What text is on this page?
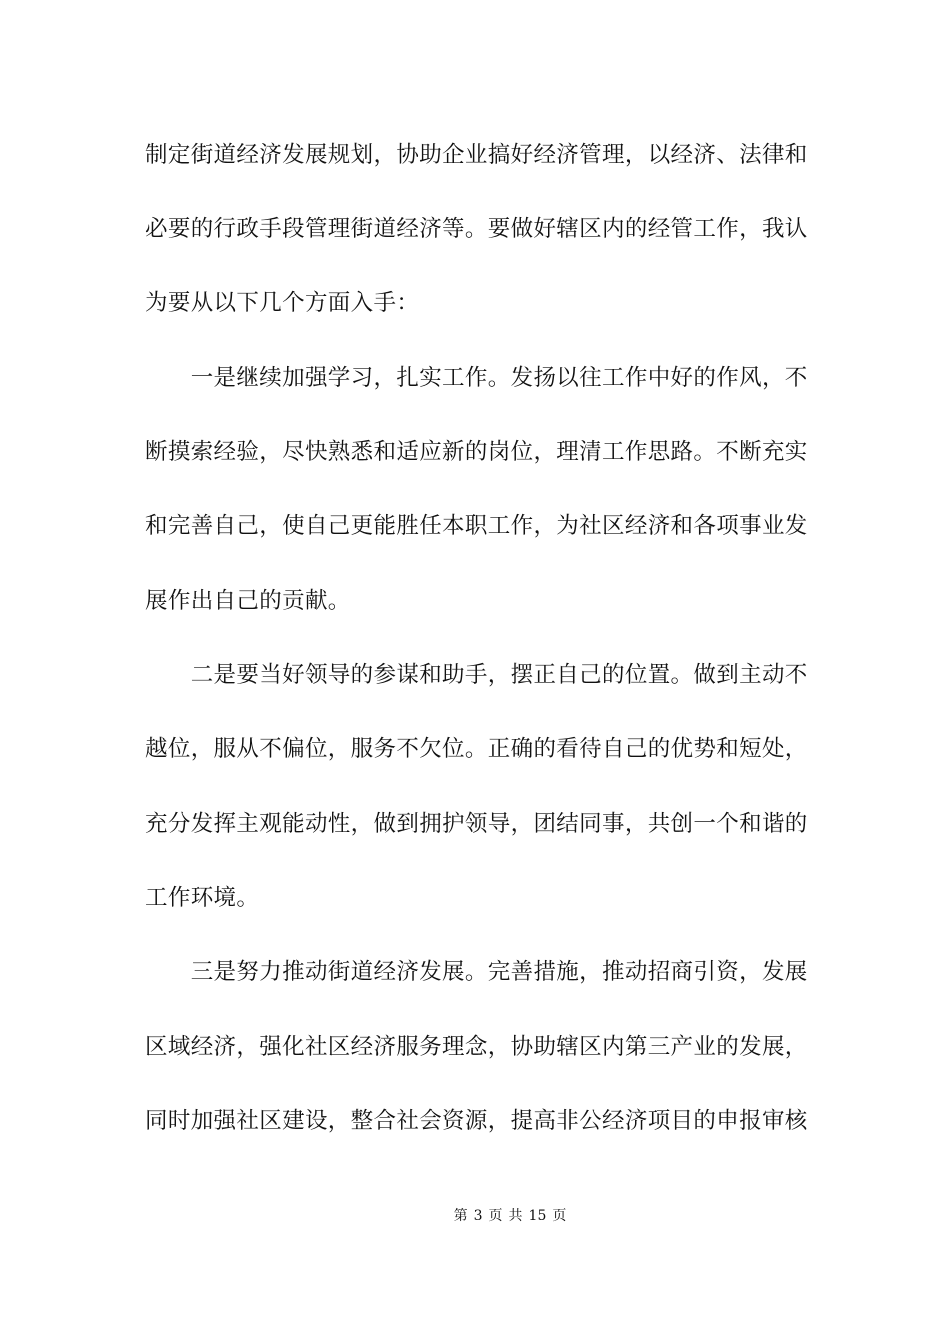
制定街道经济发展规划，协助企业搞好经济管理，以经济、法律和
必要的行政手段管理街道经济等。要做好辖区内的经管工作，我认
为要从以下几个方面入手：
　　一是继续加强学习，扎实工作。发扬以往工作中好的作风，不
断摸索经验，尽快熟悉和适应新的岗位，理清工作思路。不断充实
和完善自己，使自己更能胜任本职工作，为社区经济和各项事业发
展作出自己的贡献。
　　二是要当好领导的参谋和助手，摆正自己的位置。做到主动不
越位，服从不偏位，服务不欠位。正确的看待自己的优势和短处，
充分发挥主观能动性，做到拥护领导，团结同事，共创一个和谐的
工作环境。
　　三是努力推动街道经济发展。完善措施，推动招商引资，发展
区域经济，强化社区经济服务理念，协助辖区内第三产业的发展，
同时加强社区建设，整合社会资源，提高非公经济项目的申报审核
第 3 页 共 15 页
